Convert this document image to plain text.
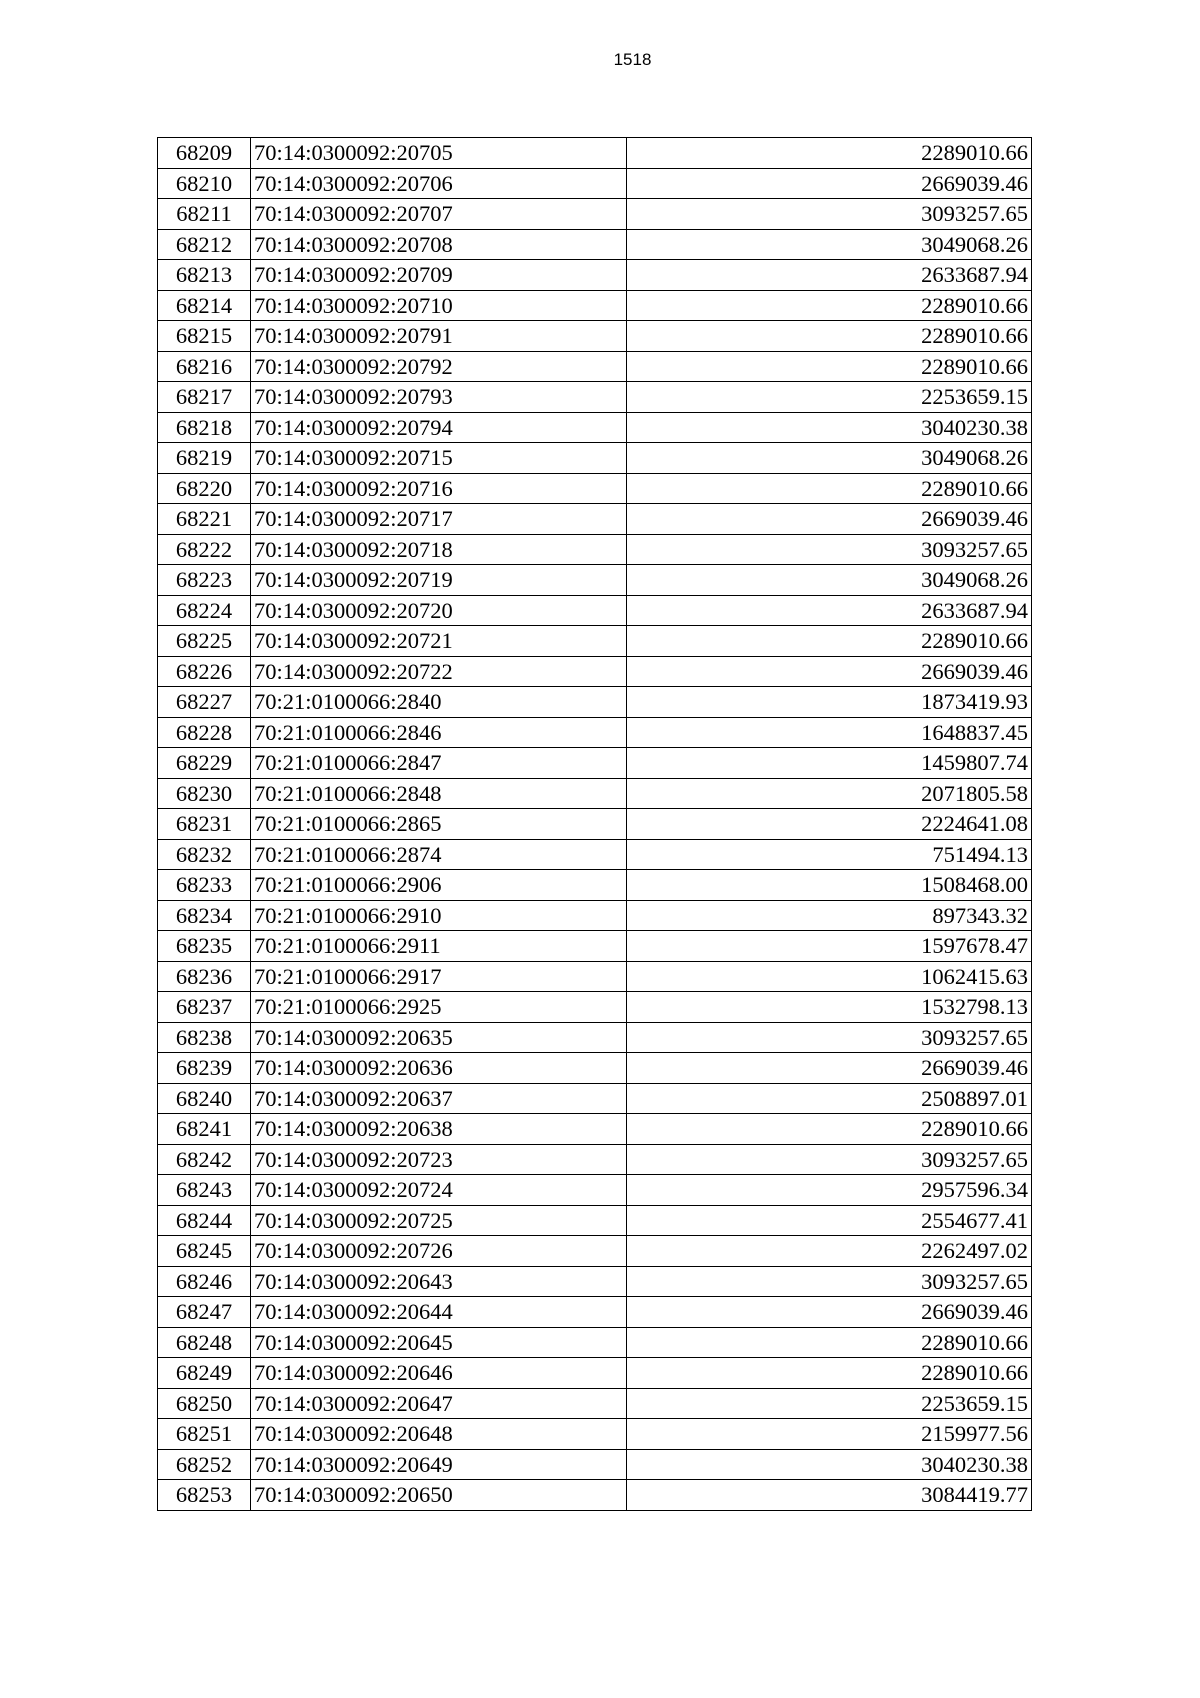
1518
68209	70:14:0300092:20705	2289010.66
68210	70:14:0300092:20706	2669039.46
68211	70:14:0300092:20707	3093257.65
68212	70:14:0300092:20708	3049068.26
68213	70:14:0300092:20709	2633687.94
68214	70:14:0300092:20710	2289010.66
68215	70:14:0300092:20791	2289010.66
68216	70:14:0300092:20792	2289010.66
68217	70:14:0300092:20793	2253659.15
68218	70:14:0300092:20794	3040230.38
68219	70:14:0300092:20715	3049068.26
68220	70:14:0300092:20716	2289010.66
68221	70:14:0300092:20717	2669039.46
68222	70:14:0300092:20718	3093257.65
68223	70:14:0300092:20719	3049068.26
68224	70:14:0300092:20720	2633687.94
68225	70:14:0300092:20721	2289010.66
68226	70:14:0300092:20722	2669039.46
68227	70:21:0100066:2840	1873419.93
68228	70:21:0100066:2846	1648837.45
68229	70:21:0100066:2847	1459807.74
68230	70:21:0100066:2848	2071805.58
68231	70:21:0100066:2865	2224641.08
68232	70:21:0100066:2874	751494.13
68233	70:21:0100066:2906	1508468.00
68234	70:21:0100066:2910	897343.32
68235	70:21:0100066:2911	1597678.47
68236	70:21:0100066:2917	1062415.63
68237	70:21:0100066:2925	1532798.13
68238	70:14:0300092:20635	3093257.65
68239	70:14:0300092:20636	2669039.46
68240	70:14:0300092:20637	2508897.01
68241	70:14:0300092:20638	2289010.66
68242	70:14:0300092:20723	3093257.65
68243	70:14:0300092:20724	2957596.34
68244	70:14:0300092:20725	2554677.41
68245	70:14:0300092:20726	2262497.02
68246	70:14:0300092:20643	3093257.65
68247	70:14:0300092:20644	2669039.46
68248	70:14:0300092:20645	2289010.66
68249	70:14:0300092:20646	2289010.66
68250	70:14:0300092:20647	2253659.15
68251	70:14:0300092:20648	2159977.56
68252	70:14:0300092:20649	3040230.38
68253	70:14:0300092:20650	3084419.77
